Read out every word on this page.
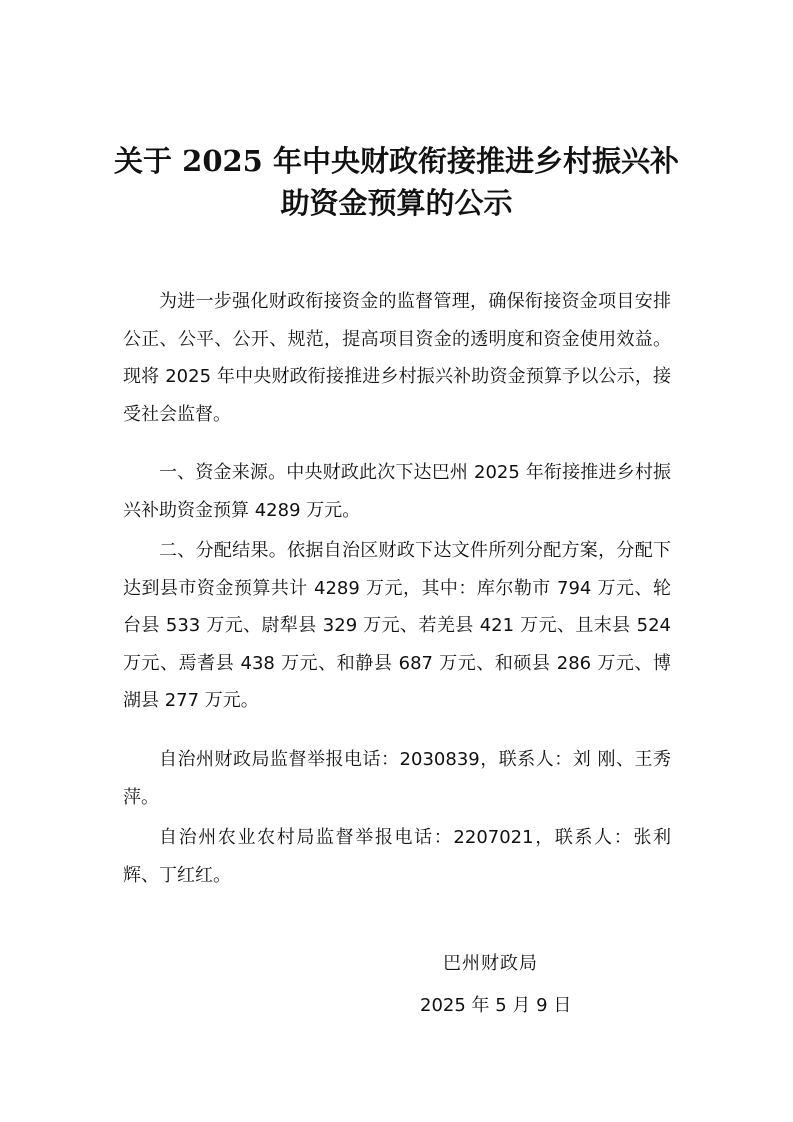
关于 2025 年中央财政衔接推进乡村振兴补
助资金预算的公示

为进一步强化财政衔接资金的监督管理，确保衔接资金项目安排公正、公平、公开、规范，提高项目资金的透明度和资金使用效益。现将 2025 年中央财政衔接推进乡村振兴补助资金预算予以公示，接受社会监督。

一、资金来源。中央财政此次下达巴州 2025 年衔接推进乡村振兴补助资金预算 4289 万元。

二、分配结果。依据自治区财政下达文件所列分配方案，分配下达到县市资金预算共计 4289 万元，其中：库尔勒市 794 万元、轮台县 533 万元、尉犁县 329 万元、若羌县 421 万元、且末县 524 万元、焉耆县 438 万元、和静县 687 万元、和硕县 286 万元、博湖县 277 万元。

自治州财政局监督举报电话：2030839，联系人：刘 刚、王秀萍。

自治州农业农村局监督举报电话：2207021，联系人：张利辉、丁红红。

巴州财政局
2025 年 5 月 9 日
